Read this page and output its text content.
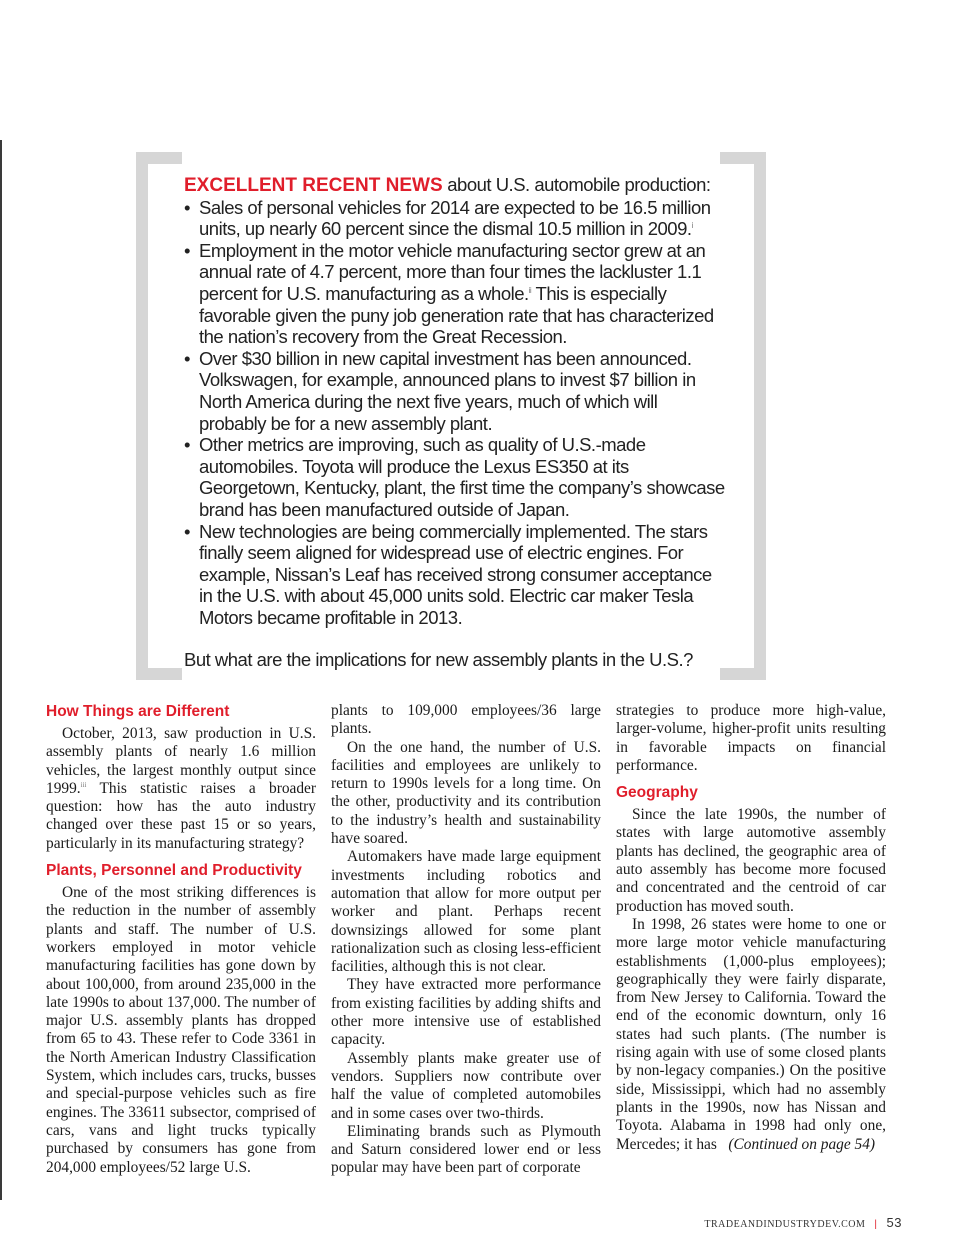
EXCELLENT RECENT NEWS about U.S. automobile production:
• Sales of personal vehicles for 2014 are expected to be 16.5 million units, up nearly 60 percent since the dismal 10.5 million in 2009.$^i$
• Employment in the motor vehicle manufacturing sector grew at an annual rate of 4.7 percent, more than four times the lackluster 1.1 percent for U.S. manufacturing as a whole.$^{ii}$ This is especially favorable given the puny job generation rate that has characterized the nation’s recovery from the Great Recession.
• Over $30 billion in new capital investment has been announced. Volkswagen, for example, announced plans to invest $7 billion in North America during the next five years, much of which will probably be for a new assembly plant.
• Other metrics are improving, such as quality of U.S.-made automobiles. Toyota will produce the Lexus ES350 at its Georgetown, Kentucky, plant, the first time the company’s showcase brand has been manufactured outside of Japan.
• New technologies are being commercially implemented. The stars finally seem aligned for widespread use of electric engines. For example, Nissan’s Leaf has received strong consumer acceptance in the U.S. with about 45,000 units sold. Electric car maker Tesla Motors became profitable in 2013.
But what are the implications for new assembly plants in the U.S.?
How Things are Different

October, 2013, saw production in U.S. assembly plants of nearly 1.6 million vehicles, the largest monthly output since 1999.$^{iii}$ This statistic raises a broader question: how has the auto industry changed over these past 15 or so years, particularly in its manufacturing strategy?

Plants, Personnel and Productivity

One of the most striking differences is the reduction in the number of assembly plants and staff. The number of U.S. workers employed in motor vehicle manufacturing facilities has gone down by about 100,000, from around 235,000 in the late 1990s to about 137,000. The number of major U.S. assembly plants has dropped from 65 to 43. These refer to Code 3361 in the North American Industry Classification System, which includes cars, trucks, busses and special-purpose vehicles such as fire engines. The 33611 subsector, comprised of cars, vans and light trucks typically purchased by consumers has gone from 204,000 employees/52 large U.S.

plants to 109,000 employees/36 large plants.

On the one hand, the number of U.S. facilities and employees are unlikely to return to 1990s levels for a long time. On the other, productivity and its contribution to the industry’s health and sustainability have soared.

Automakers have made large equipment investments including robotics and automation that allow for more output per worker and plant. Perhaps recent downsizings allowed for some plant rationalization such as closing less-efficient facilities, although this is not clear.

They have extracted more performance from existing facilities by adding shifts and other more intensive use of established capacity.

Assembly plants make greater use of vendors. Suppliers now contribute over half the value of completed automobiles and in some cases over two-thirds.

Eliminating brands such as Plymouth and Saturn considered lower end or less popular may have been part of corporate

strategies to produce more high-value, larger-volume, higher-profit units resulting in favorable impacts on financial performance.

Geography

Since the late 1990s, the number of states with large automotive assembly plants has declined, the geographic area of auto assembly has become more focused and concentrated and the centroid of car production has moved south.

In 1998, 26 states were home to one or more large motor vehicle manufacturing establishments (1,000-plus employees); geographically they were fairly disparate, from New Jersey to California. Toward the end of the economic downturn, only 16 states had such plants. (The number is rising again with use of some closed plants by non-legacy companies.) On the positive side, Mississippi, which had no assembly plants in the 1990s, now has Nissan and Toyota. Alabama in 1998 had only one, Mercedes; it has (Continued on page 54)

TRADEANDINDUSTRYDEV.COM | 53
